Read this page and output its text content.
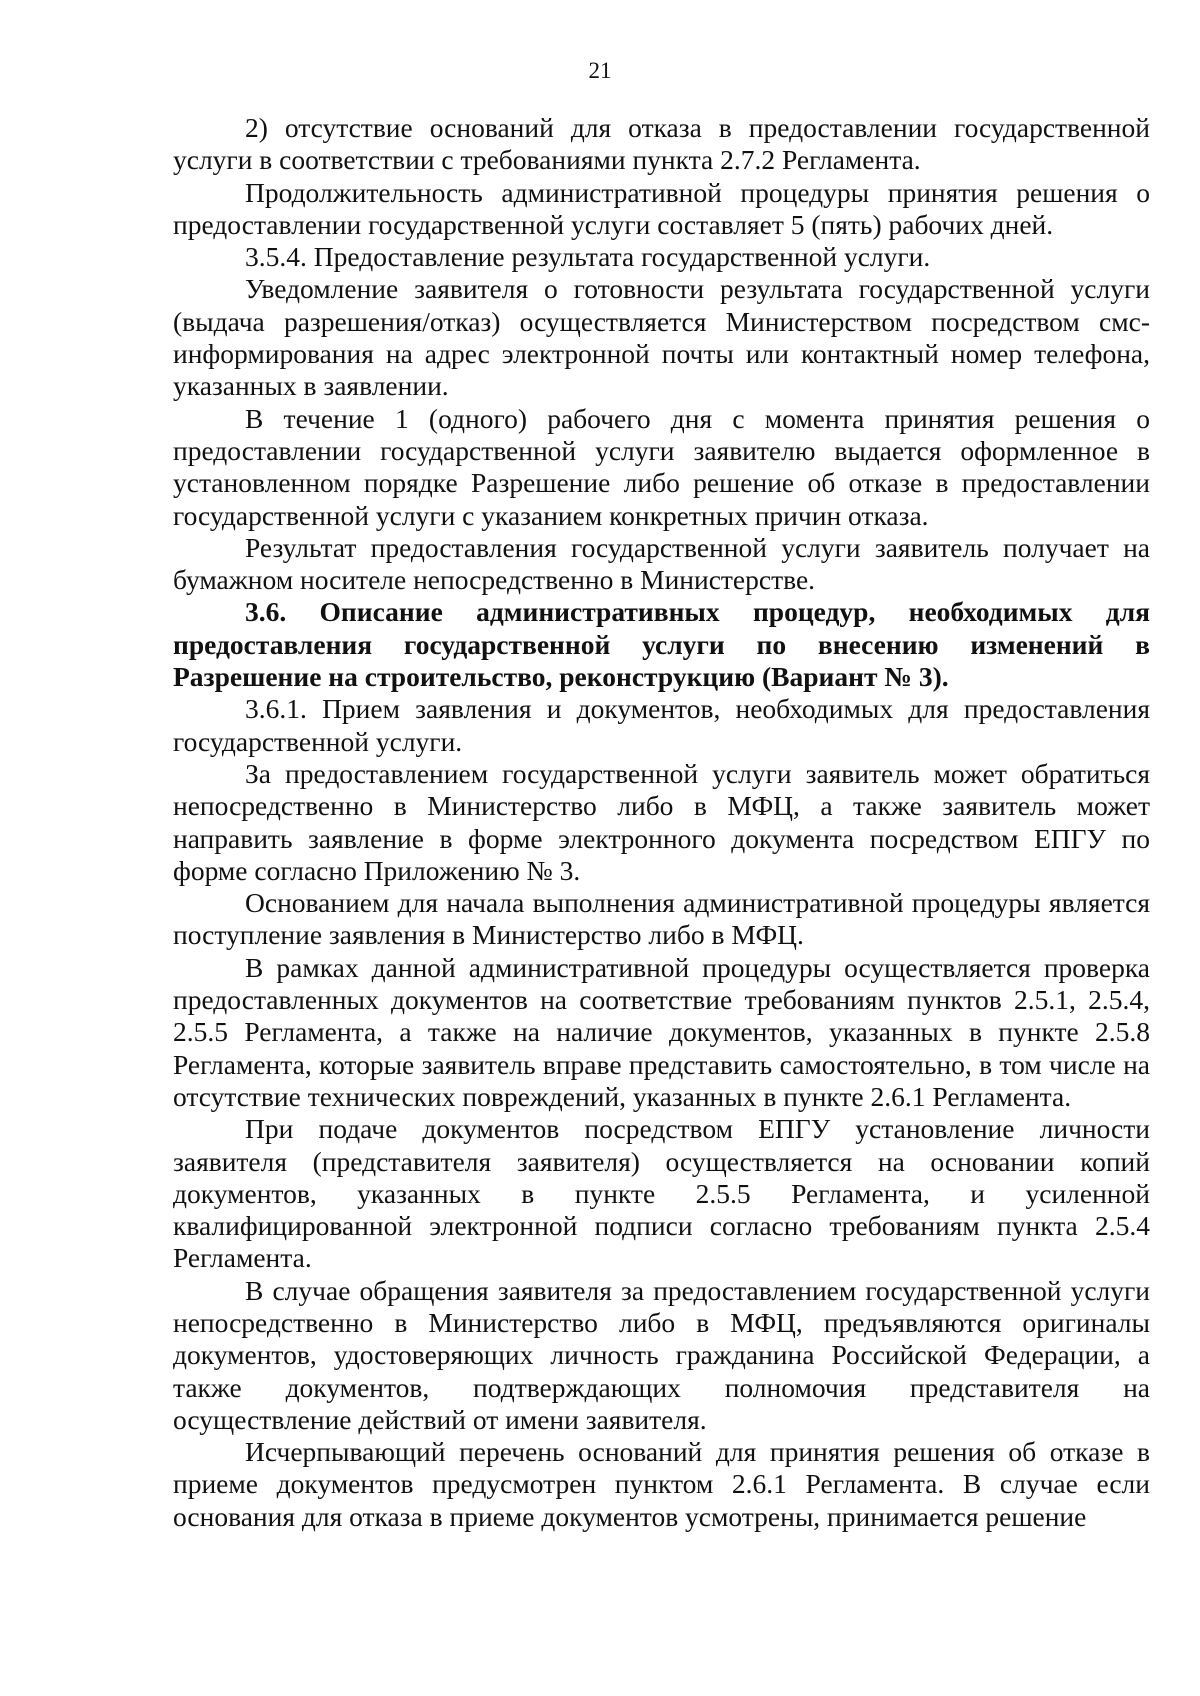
21

2) отсутствие оснований для отказа в предоставлении государственной услуги в соответствии с требованиями пункта 2.7.2 Регламента.

Продолжительность административной процедуры принятия решения о предоставлении государственной услуги составляет 5 (пять) рабочих дней.

3.5.4. Предоставление результата государственной услуги.

Уведомление заявителя о готовности результата государственной услуги (выдача разрешения/отказ) осуществляется Министерством посредством смс-информирования на адрес электронной почты или контактный номер телефона, указанных в заявлении.

В течение 1 (одного) рабочего дня с момента принятия решения о предоставлении государственной услуги заявителю выдается оформленное в установленном порядке Разрешение либо решение об отказе в предоставлении государственной услуги с указанием конкретных причин отказа.

Результат предоставления государственной услуги заявитель получает на бумажном носителе непосредственно в Министерстве.

3.6. Описание административных процедур, необходимых для предоставления государственной услуги по внесению изменений в Разрешение на строительство, реконструкцию (Вариант № 3).

3.6.1. Прием заявления и документов, необходимых для предоставления государственной услуги.

За предоставлением государственной услуги заявитель может обратиться непосредственно в Министерство либо в МФЦ, а также заявитель может направить заявление в форме электронного документа посредством ЕПГУ по форме согласно Приложению № 3.

Основанием для начала выполнения административной процедуры является поступление заявления в Министерство либо в МФЦ.

В рамках данной административной процедуры осуществляется проверка предоставленных документов на соответствие требованиям пунктов 2.5.1, 2.5.4, 2.5.5 Регламента, а также на наличие документов, указанных в пункте 2.5.8 Регламента, которые заявитель вправе представить самостоятельно, в том числе на отсутствие технических повреждений, указанных в пункте 2.6.1 Регламента.

При подаче документов посредством ЕПГУ установление личности заявителя (представителя заявителя) осуществляется на основании копий документов, указанных в пункте 2.5.5 Регламента, и усиленной квалифицированной электронной подписи согласно требованиям пункта 2.5.4 Регламента.

В случае обращения заявителя за предоставлением государственной услуги непосредственно в Министерство либо в МФЦ, предъявляются оригиналы документов, удостоверяющих личность гражданина Российской Федерации, а также документов, подтверждающих полномочия представителя на осуществление действий от имени заявителя.

Исчерпывающий перечень оснований для принятия решения об отказе в приеме документов предусмотрен пунктом 2.6.1 Регламента. В случае если основания для отказа в приеме документов усмотрены, принимается решение
